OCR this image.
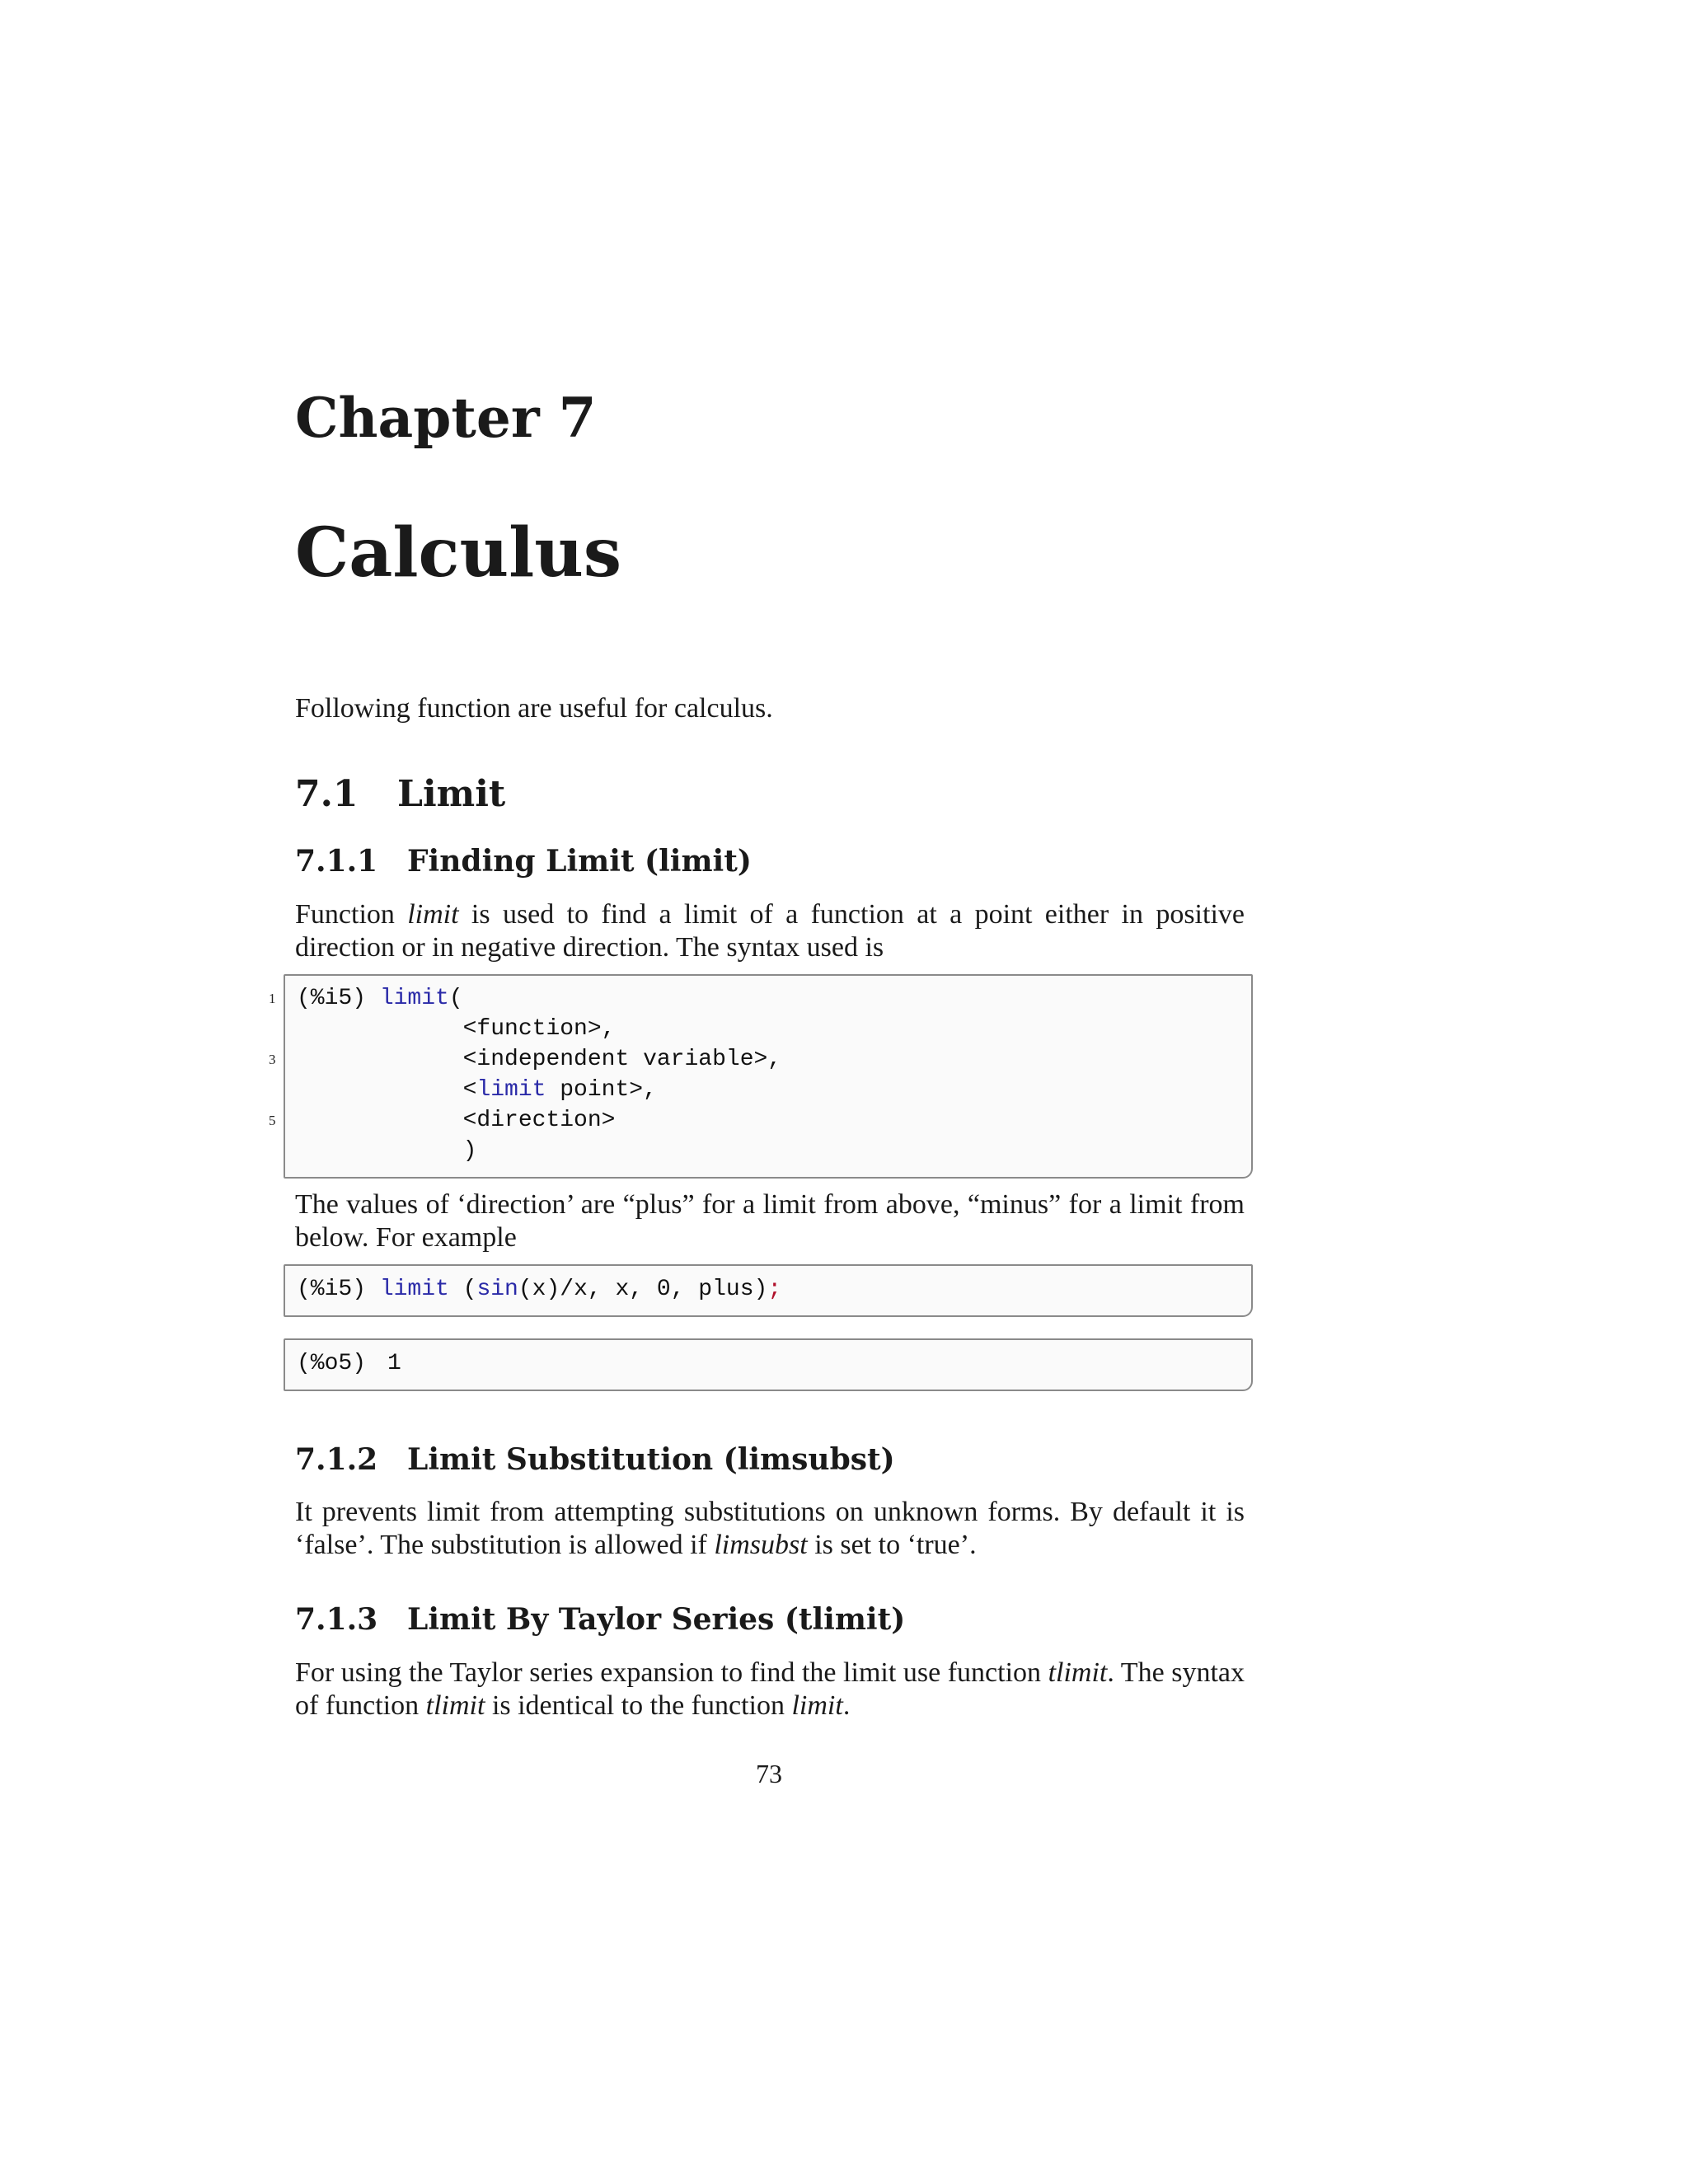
Chapter 7
Calculus

Following function are useful for calculus.

7.1 Limit
7.1.1 Finding Limit (limit)

Function limit is used to find a limit of a function at a point either in positive direction or in negative direction. The syntax used is

1
3
5
(%i5) limit(
<function>,
<independent variable>,
<limit point>,
<direction>
)

The values of ‘direction’ are “plus” for a limit from above, “minus” for a limit from below. For example

(%i5) limit (sin(x)/x, x, 0, plus);
(%o5) 1
7.1.2 Limit Substitution (limsubst)

It prevents limit from attempting substitutions on unknown forms. By default it is ‘false’. The substitution is allowed if limsubst is set to ‘true’.

7.1.3 Limit By Taylor Series (tlimit)

For using the Taylor series expansion to find the limit use function tlimit. The syntax of function tlimit is identical to the function limit.

73
